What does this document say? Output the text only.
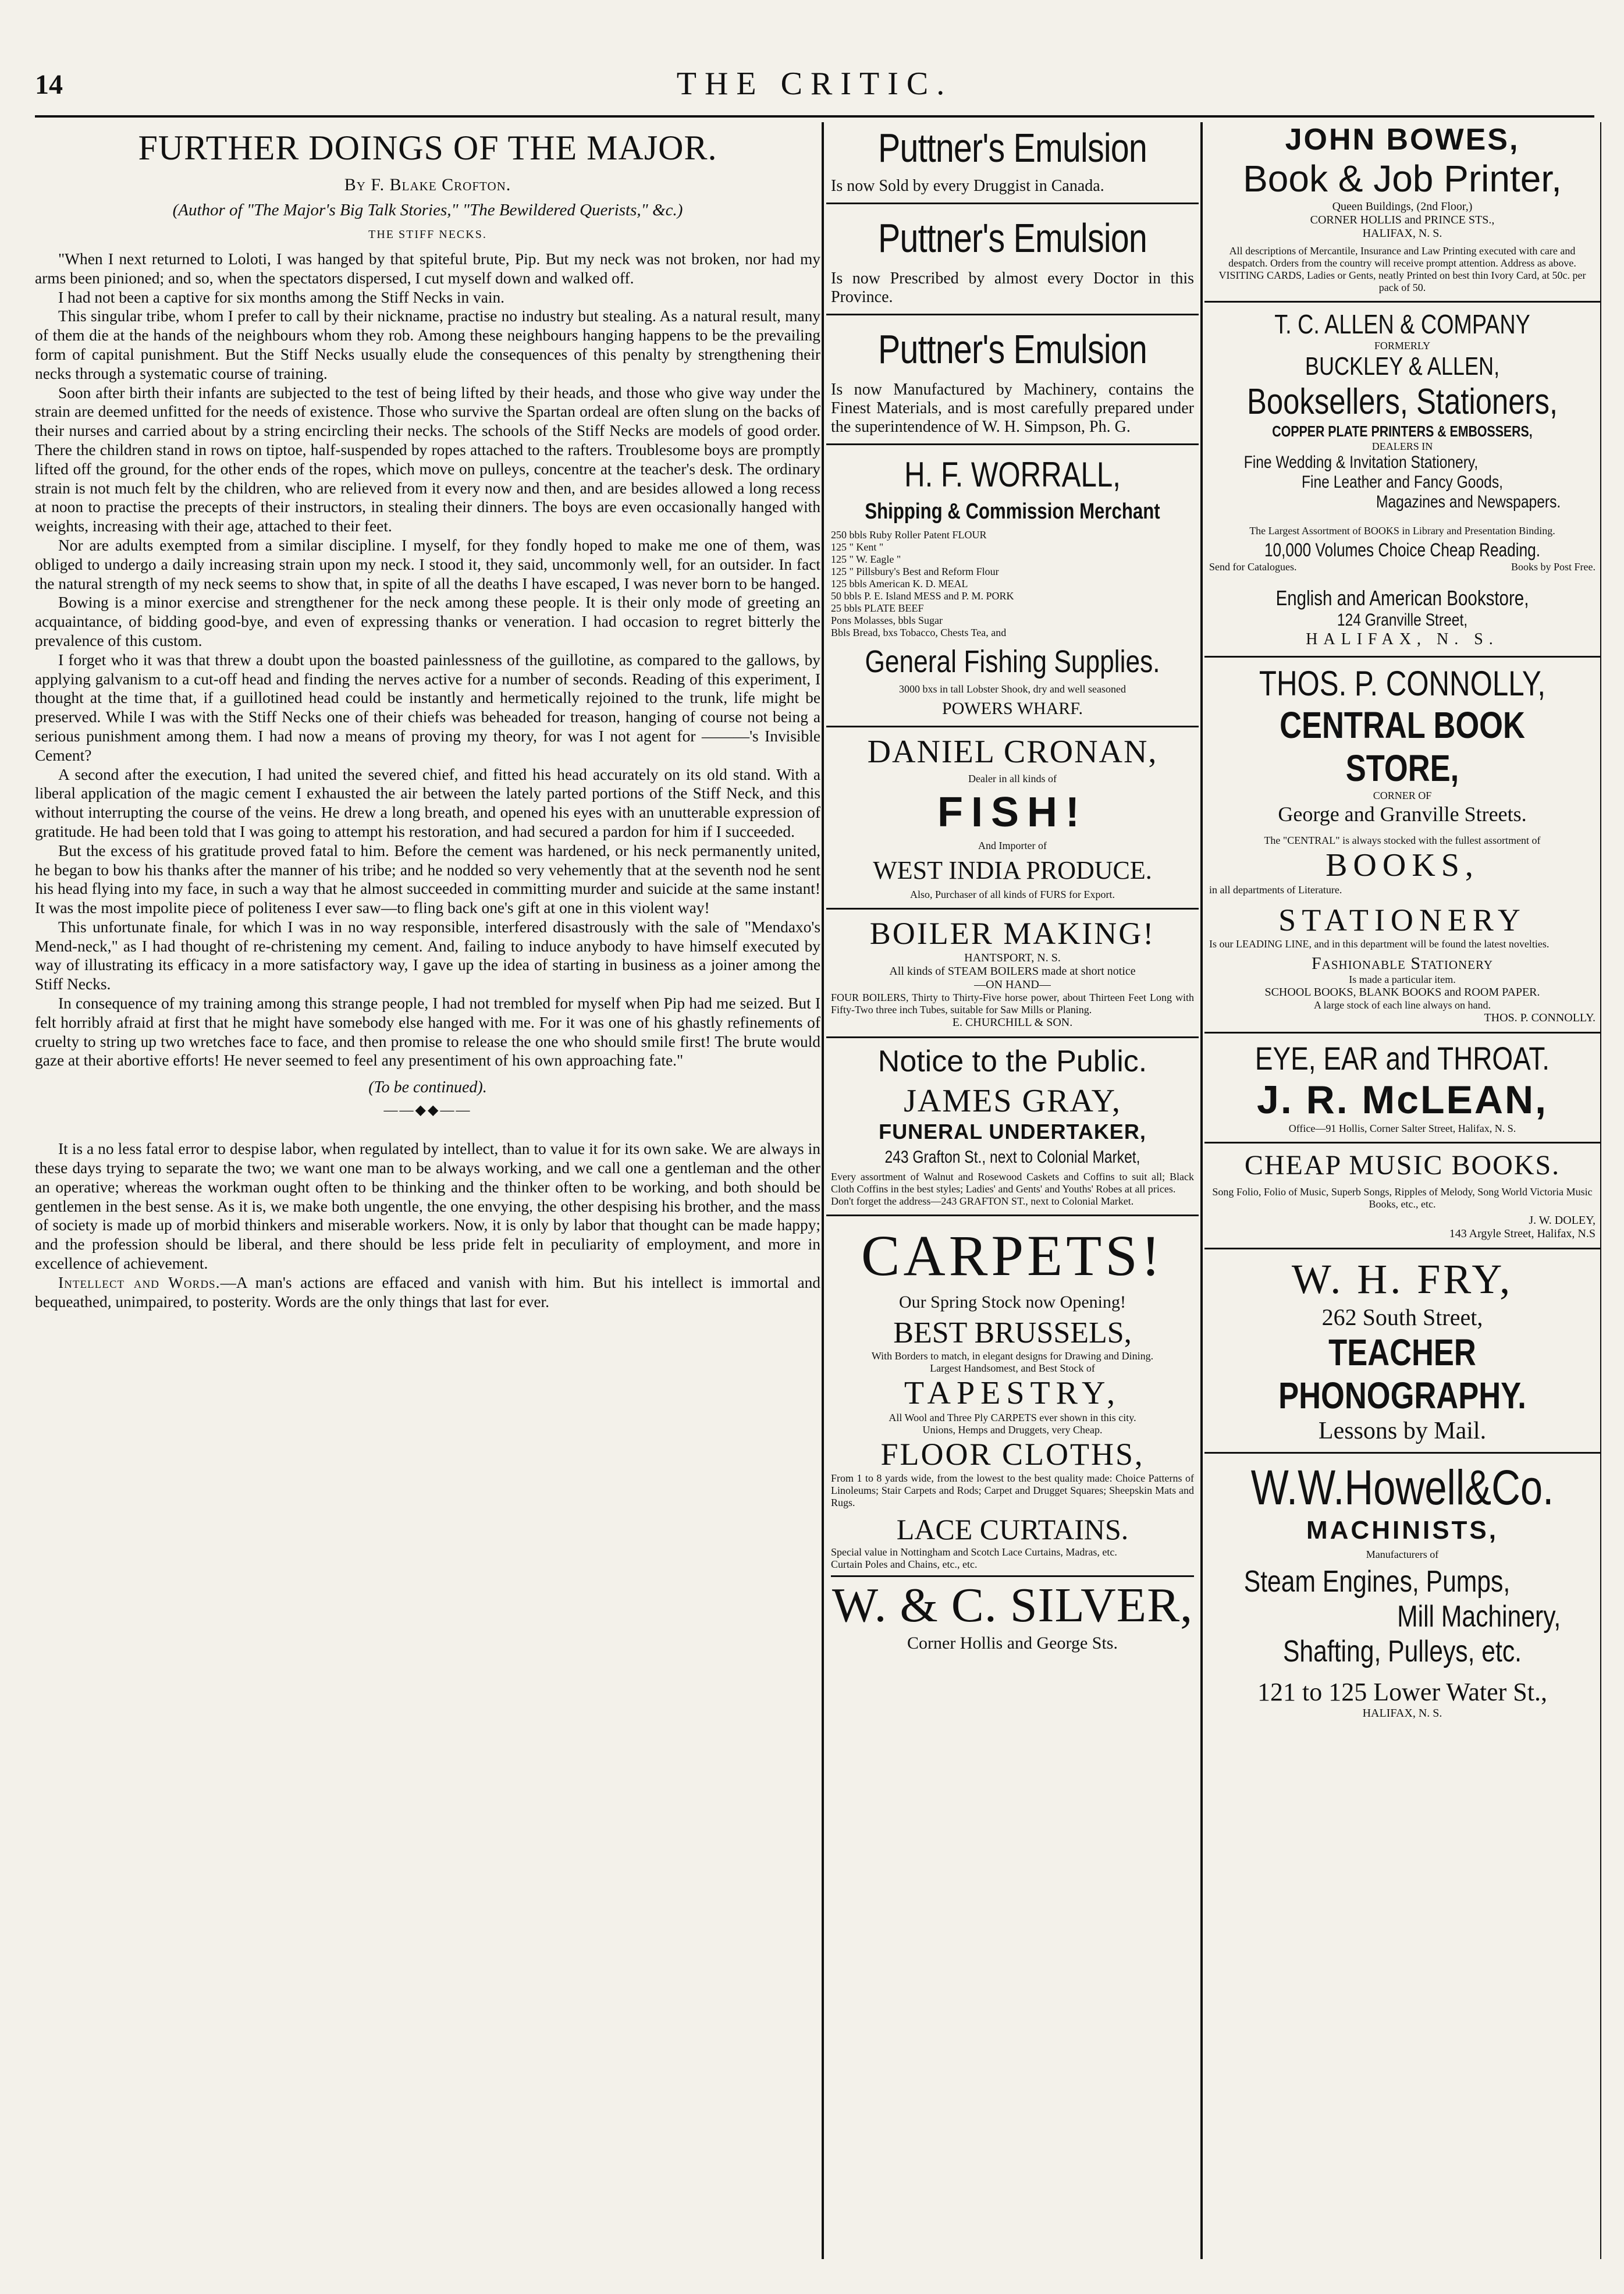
14	THE CRITIC.
FURTHER DOINGS OF THE MAJOR.
By F. Blake Crofton.
(Author of "The Major's Big Talk Stories," "The Bewildered Querists," &c.)
THE STIFF NECKS.

"When I next returned to Loloti, I was hanged by that spiteful brute, Pip. But my neck was not broken, nor had my arms been pinioned; and so, when the spectators dispersed, I cut myself down and walked off.

I had not been a captive for six months among the Stiff Necks in vain.

This singular tribe, whom I prefer to call by their nickname, practise no industry but stealing. As a natural result, many of them die at the hands of the neighbours whom they rob. Among these neighbours hanging happens to be the prevailing form of capital punishment. But the Stiff Necks usually elude the consequences of this penalty by strengthening their necks through a systematic course of training.

Soon after birth their infants are subjected to the test of being lifted by their heads, and those who give way under the strain are deemed unfitted for the needs of existence. Those who survive the Spartan ordeal are often slung on the backs of their nurses and carried about by a string encircling their necks. The schools of the Stiff Necks are models of good order. There the children stand in rows on tiptoe, half-suspended by ropes attached to the rafters. Troublesome boys are promptly lifted off the ground, for the other ends of the ropes, which move on pulleys, concentre at the teacher's desk. The ordinary strain is not much felt by the children, who are relieved from it every now and then, and are besides allowed a long recess at noon to practise the precepts of their instructors, in stealing their dinners. The boys are even occasionally hanged with weights, increasing with their age, attached to their feet.

Nor are adults exempted from a similar discipline. I myself, for they fondly hoped to make me one of them, was obliged to undergo a daily increasing strain upon my neck. I stood it, they said, uncommonly well, for an outsider. In fact the natural strength of my neck seems to show that, in spite of all the deaths I have escaped, I was never born to be hanged.

Bowing is a minor exercise and strengthener for the neck among these people. It is their only mode of greeting an acquaintance, of bidding good-bye, and even of expressing thanks or veneration. I had occasion to regret bitterly the prevalence of this custom.

I forget who it was that threw a doubt upon the boasted painlessness of the guillotine, as compared to the gallows, by applying galvanism to a cut-off head and finding the nerves active for a number of seconds. Reading of this experiment, I thought at the time that, if a guillotined head could be instantly and hermetically rejoined to the trunk, life might be preserved. While I was with the Stiff Necks one of their chiefs was beheaded for treason, hanging of course not being a serious punishment among them. I had now a means of proving my theory, for was I not agent for ———'s Invisible Cement?

A second after the execution, I had united the severed chief, and fitted his head accurately on its old stand. With a liberal application of the magic cement I exhausted the air between the lately parted portions of the Stiff Neck, and this without interrupting the course of the veins. He drew a long breath, and opened his eyes with an unutterable expression of gratitude. He had been told that I was going to attempt his restoration, and had secured a pardon for him if I succeeded.

But the excess of his gratitude proved fatal to him. Before the cement was hardened, or his neck permanently united, he began to bow his thanks after the manner of his tribe; and he nodded so very vehemently that at the seventh nod he sent his head flying into my face, in such a way that he almost succeeded in committing murder and suicide at the same instant! It was the most impolite piece of politeness I ever saw—to fling back one's gift at one in this violent way!

This unfortunate finale, for which I was in no way responsible, interfered disastrously with the sale of "Mendaxo's Mend-neck," as I had thought of re-christening my cement. And, failing to induce anybody to have himself executed by way of illustrating its efficacy in a more satisfactory way, I gave up the idea of starting in business as a joiner among the Stiff Necks.

In consequence of my training among this strange people, I had not trembled for myself when Pip had me seized. But I felt horribly afraid at first that he might have somebody else hanged with me. For it was one of his ghastly refinements of cruelty to string up two wretches face to face, and then promise to release the one who should smile first! The brute would gaze at their abortive efforts! He never seemed to feel any presentiment of his own approaching fate."

(To be continued).
——◆◆——

It is a no less fatal error to despise labor, when regulated by intellect, than to value it for its own sake. We are always in these days trying to separate the two; we want one man to be always working, and we call one a gentleman and the other an operative; whereas the workman ought often to be thinking and the thinker often to be working, and both should be gentlemen in the best sense. As it is, we make both ungentle, the one envying, the other despising his brother, and the mass of society is made up of morbid thinkers and miserable workers. Now, it is only by labor that thought can be made happy; and the profession should be liberal, and there should be less pride felt in peculiarity of employment, and more in excellence of achievement.

Intellect and Words.—A man's actions are effaced and vanish with him. But his intellect is immortal and bequeathed, unimpaired, to posterity. Words are the only things that last for ever.

Puttner's Emulsion

Is now Sold by every Druggist in Canada.

Puttner's Emulsion

Is now Prescribed by almost every Doctor in this Province.

Puttner's Emulsion

Is now Manufactured by Machinery, contains the Finest Materials, and is most carefully prepared under the superintendence of W. H. Simpson, Ph. G.

H. F. WORRALL,
Shipping & Commission Merchant

250 bbls Ruby Roller Patent FLOUR

125 " Kent "

125 " W. Eagle "

125 " Pillsbury's Best and Reform Flour

125 bbls American K. D. MEAL

50 bbls P. E. Island MESS and P. M. PORK

25 bbls PLATE BEEF

Pons Molasses, bbls Sugar

Bbls Bread, bxs Tobacco, Chests Tea, and

General Fishing Supplies.

3000 bxs in tall Lobster Shook, dry and well seasoned

POWERS WHARF.
DANIEL CRONAN,
Dealer in all kinds of
FISH!
And Importer of
WEST INDIA PRODUCE.
Also, Purchaser of all kinds of FURS for Export.
BOILER MAKING!
HANTSPORT, N. S.

All kinds of STEAM BOILERS made at short notice

—ON HAND—

FOUR BOILERS, Thirty to Thirty-Five horse power, about Thirteen Feet Long with Fifty-Two three inch Tubes, suitable for Saw Mills or Planing.

E. CHURCHILL & SON.
Notice to the Public.
JAMES GRAY,
FUNERAL UNDERTAKER,
243 Grafton St., next to Colonial Market,

Every assortment of Walnut and Rosewood Caskets and Coffins to suit all; Black Cloth Coffins in the best styles; Ladies' and Gents' and Youths' Robes at all prices.

Don't forget the address—243 GRAFTON ST., next to Colonial Market.

CARPETS!
Our Spring Stock now Opening!
BEST BRUSSELS,
With Borders to match, in elegant designs for Drawing and Dining.
Largest Handsomest, and Best Stock of
TAPESTRY,
All Wool and Three Ply CARPETS ever shown in this city.
Unions, Hemps and Druggets, very Cheap.
FLOOR CLOTHS,

From 1 to 8 yards wide, from the lowest to the best quality made: Choice Patterns of Linoleums; Stair Carpets and Rods; Carpet and Drugget Squares; Sheepskin Mats and Rugs.

LACE CURTAINS.

Special value in Nottingham and Scotch Lace Curtains, Madras, etc.

Curtain Poles and Chains, etc., etc.

W. & C. SILVER,
Corner Hollis and George Sts.
JOHN BOWES,
Book & Job Printer,
Queen Buildings, (2nd Floor,)
CORNER HOLLIS and PRINCE STS.,
HALIFAX, N. S.

All descriptions of Mercantile, Insurance and Law Printing executed with care and despatch. Orders from the country will receive prompt attention. Address as above.

VISITING CARDS, Ladies or Gents, neatly Printed on best thin Ivory Card, at 50c. per pack of 50.

T. C. ALLEN & COMPANY
FORMERLY
BUCKLEY & ALLEN,
Booksellers, Stationers,
COPPER PLATE PRINTERS & EMBOSSERS,
DEALERS IN
Fine Wedding & Invitation Stationery,
Fine Leather and Fancy Goods,
Magazines and Newspapers.

The Largest Assortment of BOOKS in Library and Presentation Binding.

10,000 Volumes Choice Cheap Reading.
Send for Catalogues.	Books by Post Free.
English and American Bookstore,
124 Granville Street,
HALIFAX, N. S.
THOS. P. CONNOLLY,
CENTRAL BOOK STORE,
CORNER OF
George and Granville Streets.

The "CENTRAL" is always stocked with the fullest assortment of

BOOKS,
in all departments of Literature.
STATIONERY

Is our LEADING LINE, and in this department will be found the latest novelties.

Fashionable Stationery
Is made a particular item.
SCHOOL BOOKS, BLANK BOOKS and ROOM PAPER.
A large stock of each line always on hand.
THOS. P. CONNOLLY.
EYE, EAR and THROAT.
J. R. McLEAN,
Office—91 Hollis, Corner Salter Street, Halifax, N. S.
CHEAP MUSIC BOOKS.

Song Folio, Folio of Music, Superb Songs, Ripples of Melody, Song World Victoria Music Books, etc., etc.

J. W. DOLEY,
143 Argyle Street, Halifax, N.S
W. H. FRY,
262 South Street,
TEACHER PHONOGRAPHY.
Lessons by Mail.
W.W.Howell&Co.
MACHINISTS,
Manufacturers of
Steam Engines, Pumps,
Mill Machinery,
Shafting, Pulleys, etc.
121 to 125 Lower Water St.,
HALIFAX, N. S.
